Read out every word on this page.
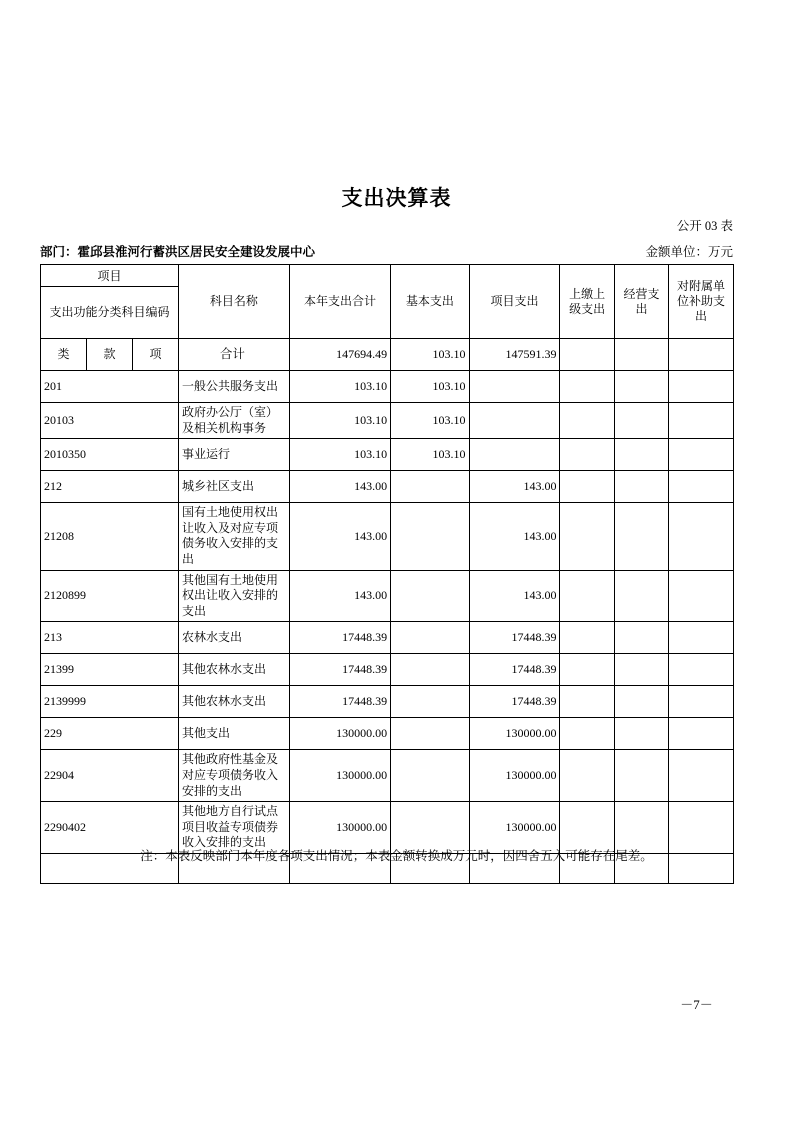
支出决算表
公开 03 表
部门：霍邱县淮河行蓄洪区居民安全建设发展中心	金额单位：万元
项目			科目名称	本年支出合计	基本支出	项目支出	上缴上级支出	经营支出	对附属单位补助支出
支出功能分类科目编码									
类	款	项	合计	147694.49	103.10	147591.39			
201			一般公共服务支出	103.10	103.10				
20103			政府办公厅（室）及相关机构事务	103.10	103.10				
2010350			事业运行	103.10	103.10				
212			城乡社区支出	143.00		143.00			
21208			国有土地使用权出让收入及对应专项债务收入安排的支出	143.00		143.00			
2120899			其他国有土地使用权出让收入安排的支出	143.00		143.00			
213			农林水支出	17448.39		17448.39			
21399			其他农林水支出	17448.39		17448.39			
2139999			其他农林水支出	17448.39		17448.39			
229			其他支出	130000.00		130000.00			
22904			其他政府性基金及对应专项债务收入安排的支出	130000.00		130000.00			
2290402			其他地方自行试点项目收益专项债券收入安排的支出	130000.00		130000.00			

注：本表反映部门本年度各项支出情况；本表金额转换成万元时，因四舍五入可能存在尾差。
－7－
